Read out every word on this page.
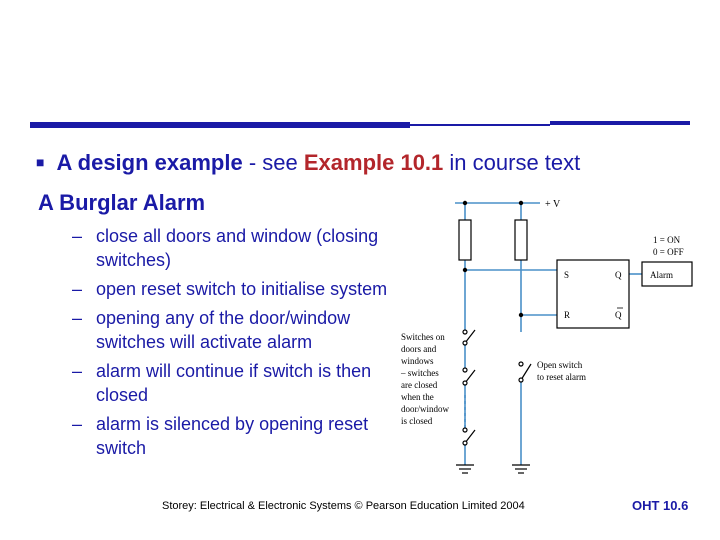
■ A design example - see Example 10.1 in course text
A Burglar Alarm
– close all doors and window (closing switches)
– open reset switch to initialise system
– opening any of the door/window switches will activate alarm
– alarm will continue if switch is then closed
– alarm is silenced by opening reset switch
+ V
1 = ON
0 = OFF
S	Q
R	Q
Alarm
Switches on
doors and
windows
– switches
are closed
when the
door/window
is closed
Open switch
to reset alarm
Storey: Electrical & Electronic Systems © Pearson Education Limited 2004	OHT 10.6
